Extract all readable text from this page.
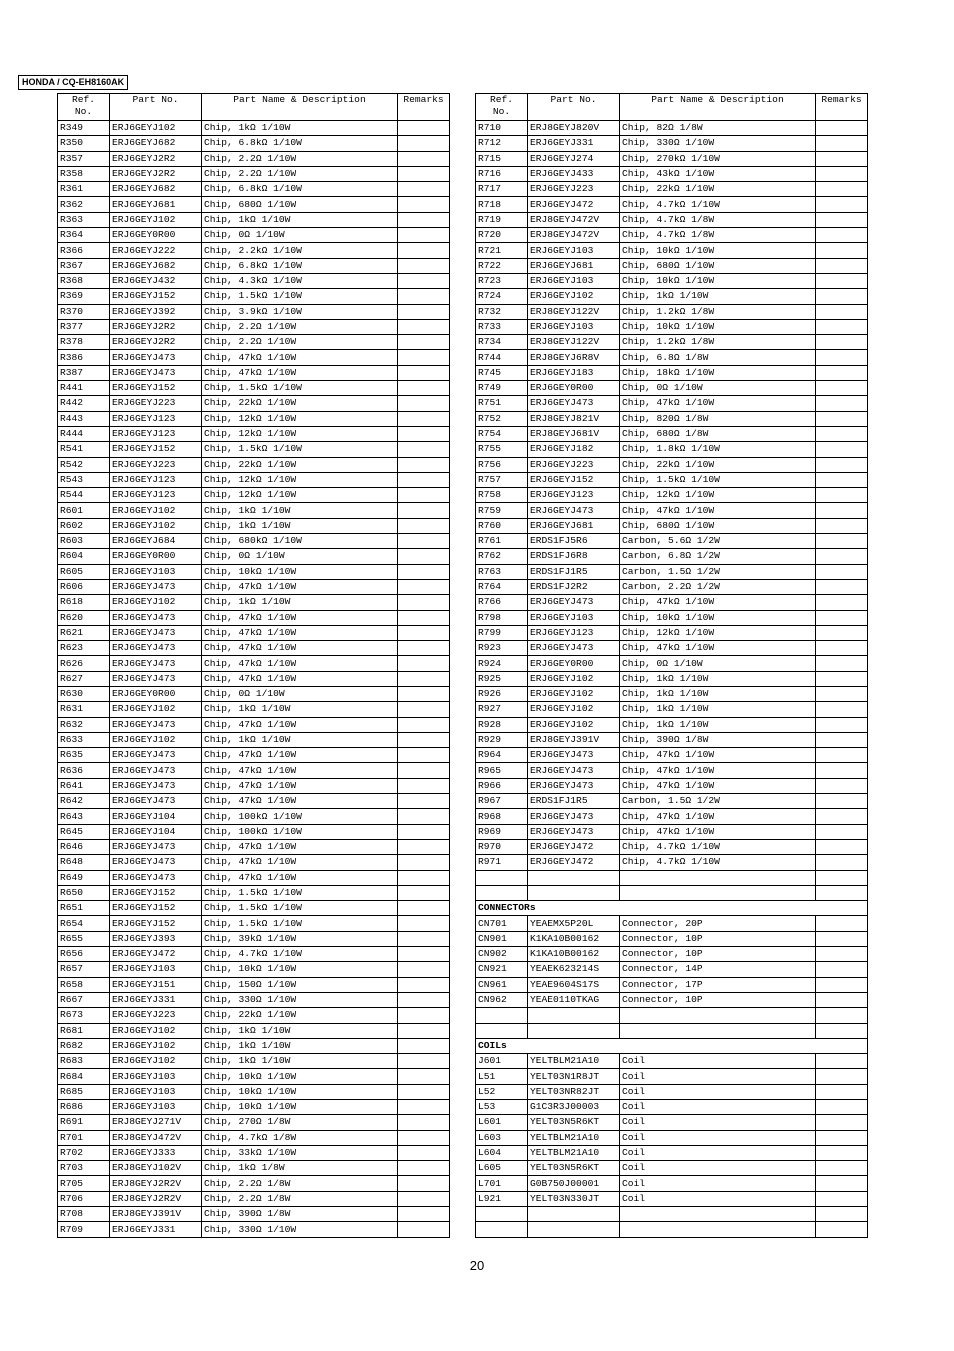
HONDA / CQ-EH8160AK
Ref.
No.	Part No.	Part Name & Description	Remarks
R349	ERJ6GEYJ102	Chip, 1kΩ 1/10W	
R350	ERJ6GEYJ682	Chip, 6.8kΩ 1/10W	
R357	ERJ6GEYJ2R2	Chip, 2.2Ω 1/10W	
R358	ERJ6GEYJ2R2	Chip, 2.2Ω 1/10W	
R361	ERJ6GEYJ682	Chip, 6.8kΩ 1/10W	
R362	ERJ6GEYJ681	Chip, 680Ω 1/10W	
R363	ERJ6GEYJ102	Chip, 1kΩ 1/10W	
R364	ERJ6GEY0R00	Chip, 0Ω 1/10W	
R366	ERJ6GEYJ222	Chip, 2.2kΩ 1/10W	
R367	ERJ6GEYJ682	Chip, 6.8kΩ 1/10W	
R368	ERJ6GEYJ432	Chip, 4.3kΩ 1/10W	
R369	ERJ6GEYJ152	Chip, 1.5kΩ 1/10W	
R370	ERJ6GEYJ392	Chip, 3.9kΩ 1/10W	
R377	ERJ6GEYJ2R2	Chip, 2.2Ω 1/10W	
R378	ERJ6GEYJ2R2	Chip, 2.2Ω 1/10W	
R386	ERJ6GEYJ473	Chip, 47kΩ 1/10W	
R387	ERJ6GEYJ473	Chip, 47kΩ 1/10W	
R441	ERJ6GEYJ152	Chip, 1.5kΩ 1/10W	
R442	ERJ6GEYJ223	Chip, 22kΩ 1/10W	
R443	ERJ6GEYJ123	Chip, 12kΩ 1/10W	
R444	ERJ6GEYJ123	Chip, 12kΩ 1/10W	
R541	ERJ6GEYJ152	Chip, 1.5kΩ 1/10W	
R542	ERJ6GEYJ223	Chip, 22kΩ 1/10W	
R543	ERJ6GEYJ123	Chip, 12kΩ 1/10W	
R544	ERJ6GEYJ123	Chip, 12kΩ 1/10W	
R601	ERJ6GEYJ102	Chip, 1kΩ 1/10W	
R602	ERJ6GEYJ102	Chip, 1kΩ 1/10W	
R603	ERJ6GEYJ684	Chip, 680kΩ 1/10W	
R604	ERJ6GEY0R00	Chip, 0Ω 1/10W	
R605	ERJ6GEYJ103	Chip, 10kΩ 1/10W	
R606	ERJ6GEYJ473	Chip, 47kΩ 1/10W	
R618	ERJ6GEYJ102	Chip, 1kΩ 1/10W	
R620	ERJ6GEYJ473	Chip, 47kΩ 1/10W	
R621	ERJ6GEYJ473	Chip, 47kΩ 1/10W	
R623	ERJ6GEYJ473	Chip, 47kΩ 1/10W	
R626	ERJ6GEYJ473	Chip, 47kΩ 1/10W	
R627	ERJ6GEYJ473	Chip, 47kΩ 1/10W	
R630	ERJ6GEY0R00	Chip, 0Ω 1/10W	
R631	ERJ6GEYJ102	Chip, 1kΩ 1/10W	
R632	ERJ6GEYJ473	Chip, 47kΩ 1/10W	
R633	ERJ6GEYJ102	Chip, 1kΩ 1/10W	
R635	ERJ6GEYJ473	Chip, 47kΩ 1/10W	
R636	ERJ6GEYJ473	Chip, 47kΩ 1/10W	
R641	ERJ6GEYJ473	Chip, 47kΩ 1/10W	
R642	ERJ6GEYJ473	Chip, 47kΩ 1/10W	
R643	ERJ6GEYJ104	Chip, 100kΩ 1/10W	
R645	ERJ6GEYJ104	Chip, 100kΩ 1/10W	
R646	ERJ6GEYJ473	Chip, 47kΩ 1/10W	
R648	ERJ6GEYJ473	Chip, 47kΩ 1/10W	
R649	ERJ6GEYJ473	Chip, 47kΩ 1/10W	
R650	ERJ6GEYJ152	Chip, 1.5kΩ 1/10W	
R651	ERJ6GEYJ152	Chip, 1.5kΩ 1/10W	
R654	ERJ6GEYJ152	Chip, 1.5kΩ 1/10W	
R655	ERJ6GEYJ393	Chip, 39kΩ 1/10W	
R656	ERJ6GEYJ472	Chip, 4.7kΩ 1/10W	
R657	ERJ6GEYJ103	Chip, 10kΩ 1/10W	
R658	ERJ6GEYJ151	Chip, 150Ω 1/10W	
R667	ERJ6GEYJ331	Chip, 330Ω 1/10W	
R673	ERJ6GEYJ223	Chip, 22kΩ 1/10W	
R681	ERJ6GEYJ102	Chip, 1kΩ 1/10W	
R682	ERJ6GEYJ102	Chip, 1kΩ 1/10W	
R683	ERJ6GEYJ102	Chip, 1kΩ 1/10W	
R684	ERJ6GEYJ103	Chip, 10kΩ 1/10W	
R685	ERJ6GEYJ103	Chip, 10kΩ 1/10W	
R686	ERJ6GEYJ103	Chip, 10kΩ 1/10W	
R691	ERJ8GEYJ271V	Chip, 270Ω 1/8W	
R701	ERJ8GEYJ472V	Chip, 4.7kΩ 1/8W	
R702	ERJ6GEYJ333	Chip, 33kΩ 1/10W	
R703	ERJ8GEYJ102V	Chip, 1kΩ 1/8W	
R705	ERJ8GEYJ2R2V	Chip, 2.2Ω 1/8W	
R706	ERJ8GEYJ2R2V	Chip, 2.2Ω 1/8W	
R708	ERJ8GEYJ391V	Chip, 390Ω 1/8W	
R709	ERJ6GEYJ331	Chip, 330Ω 1/10W	
Ref.
No.	Part No.	Part Name & Description	Remarks
R710	ERJ8GEYJ820V	Chip, 82Ω 1/8W	
R712	ERJ6GEYJ331	Chip, 330Ω 1/10W	
R715	ERJ6GEYJ274	Chip, 270kΩ 1/10W	
R716	ERJ6GEYJ433	Chip, 43kΩ 1/10W	
R717	ERJ6GEYJ223	Chip, 22kΩ 1/10W	
R718	ERJ6GEYJ472	Chip, 4.7kΩ 1/10W	
R719	ERJ8GEYJ472V	Chip, 4.7kΩ 1/8W	
R720	ERJ8GEYJ472V	Chip, 4.7kΩ 1/8W	
R721	ERJ6GEYJ103	Chip, 10kΩ 1/10W	
R722	ERJ6GEYJ681	Chip, 680Ω 1/10W	
R723	ERJ6GEYJ103	Chip, 10kΩ 1/10W	
R724	ERJ6GEYJ102	Chip, 1kΩ 1/10W	
R732	ERJ8GEYJ122V	Chip, 1.2kΩ 1/8W	
R733	ERJ6GEYJ103	Chip, 10kΩ 1/10W	
R734	ERJ8GEYJ122V	Chip, 1.2kΩ 1/8W	
R744	ERJ8GEYJ6R8V	Chip, 6.8Ω 1/8W	
R745	ERJ6GEYJ183	Chip, 18kΩ 1/10W	
R749	ERJ6GEY0R00	Chip, 0Ω 1/10W	
R751	ERJ6GEYJ473	Chip, 47kΩ 1/10W	
R752	ERJ8GEYJ821V	Chip, 820Ω 1/8W	
R754	ERJ8GEYJ681V	Chip, 680Ω 1/8W	
R755	ERJ6GEYJ182	Chip, 1.8kΩ 1/10W	
R756	ERJ6GEYJ223	Chip, 22kΩ 1/10W	
R757	ERJ6GEYJ152	Chip, 1.5kΩ 1/10W	
R758	ERJ6GEYJ123	Chip, 12kΩ 1/10W	
R759	ERJ6GEYJ473	Chip, 47kΩ 1/10W	
R760	ERJ6GEYJ681	Chip, 680Ω 1/10W	
R761	ERDS1FJ5R6	Carbon, 5.6Ω 1/2W	
R762	ERDS1FJ6R8	Carbon, 6.8Ω 1/2W	
R763	ERDS1FJ1R5	Carbon, 1.5Ω 1/2W	
R764	ERDS1FJ2R2	Carbon, 2.2Ω 1/2W	
R766	ERJ6GEYJ473	Chip, 47kΩ 1/10W	
R798	ERJ6GEYJ103	Chip, 10kΩ 1/10W	
R799	ERJ6GEYJ123	Chip, 12kΩ 1/10W	
R923	ERJ6GEYJ473	Chip, 47kΩ 1/10W	
R924	ERJ6GEY0R00	Chip, 0Ω 1/10W	
R925	ERJ6GEYJ102	Chip, 1kΩ 1/10W	
R926	ERJ6GEYJ102	Chip, 1kΩ 1/10W	
R927	ERJ6GEYJ102	Chip, 1kΩ 1/10W	
R928	ERJ6GEYJ102	Chip, 1kΩ 1/10W	
R929	ERJ8GEYJ391V	Chip, 390Ω 1/8W	
R964	ERJ6GEYJ473	Chip, 47kΩ 1/10W	
R965	ERJ6GEYJ473	Chip, 47kΩ 1/10W	
R966	ERJ6GEYJ473	Chip, 47kΩ 1/10W	
R967	ERDS1FJ1R5	Carbon, 1.5Ω 1/2W	
R968	ERJ6GEYJ473	Chip, 47kΩ 1/10W	
R969	ERJ6GEYJ473	Chip, 47kΩ 1/10W	
R970	ERJ6GEYJ472	Chip, 4.7kΩ 1/10W	
R971	ERJ6GEYJ472	Chip, 4.7kΩ 1/10W	

CONNECTORs			
CN701	YEAEMX5P20L	Connector, 20P	
CN901	K1KA10B00162	Connector, 10P	
CN902	K1KA10B00162	Connector, 10P	
CN921	YEAEK623214S	Connector, 14P	
CN961	YEAE9604S17S	Connector, 17P	
CN962	YEAE0110TKAG	Connector, 10P	

COILs			
J601	YELTBLM21A10	Coil	
L51	YELT03N1R8JT	Coil	
L52	YELT03NR82JT	Coil	
L53	G1C3R3J00003	Coil	
L601	YELT03N5R6KT	Coil	
L603	YELTBLM21A10	Coil	
L604	YELTBLM21A10	Coil	
L605	YELT03N5R6KT	Coil	
L701	G0B750J00001	Coil	
L921	YELT03N330JT	Coil	

20
